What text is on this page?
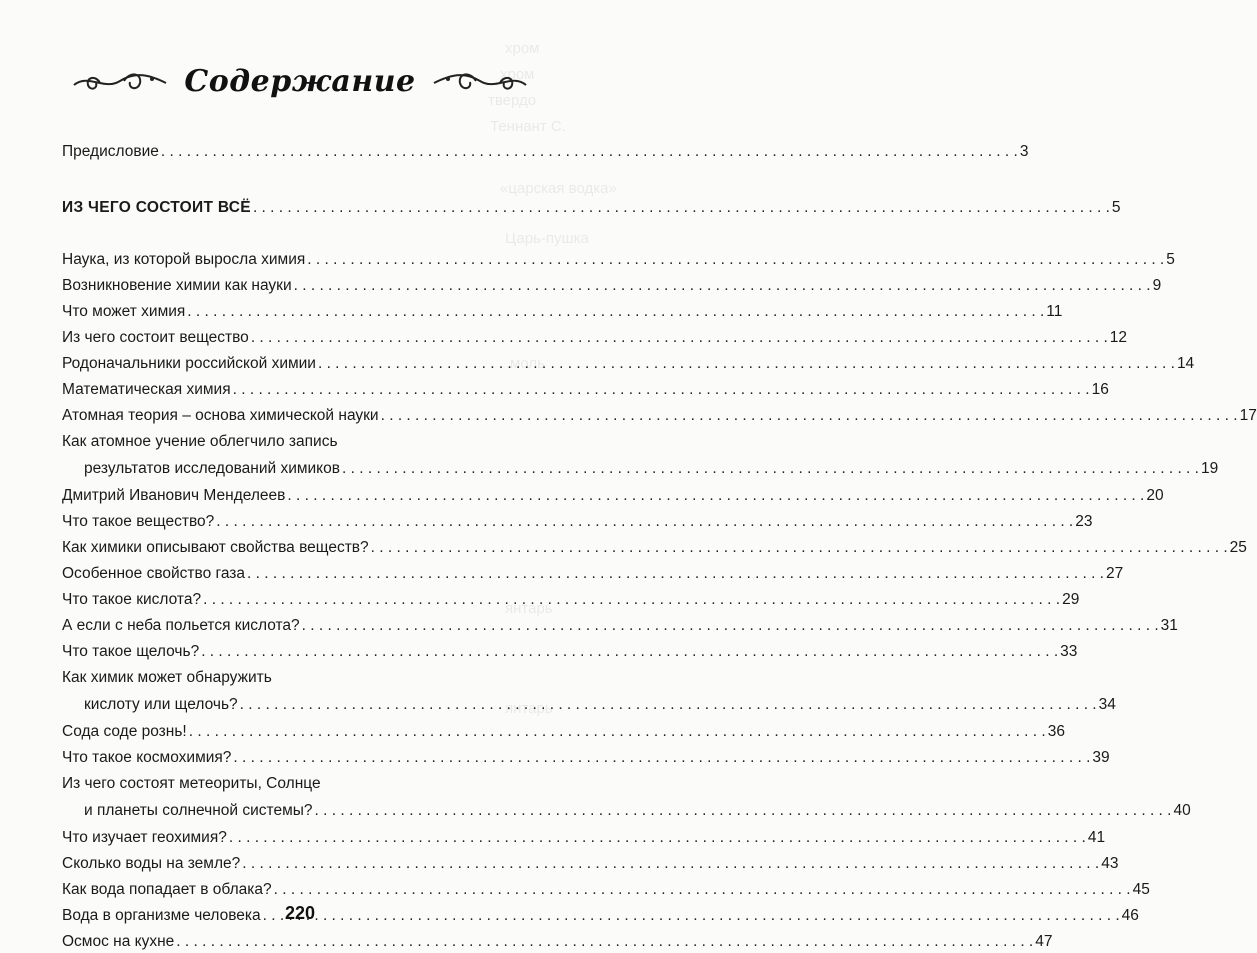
хром
хром
твердо
Теннант С.
«царская водка»
Царь-пушка
моль
янтарь
янтарь
Содержание
Предисловие . . .	3
ИЗ ЧЕГО СОСТОИТ ВСЁ . . .	5
Наука, из которой выросла химия . . .	5
Возникновение химии как науки . . .	9
Что может химия . . .	11
Из чего состоит вещество . . .	12
Родоначальники российской химии . . .	14
Математическая химия . . .	16
Атомная теория – основа химической науки . . .	17
Как атомное учение облегчило запись
результатов исследований химиков . . .	19
Дмитрий Иванович Менделеев . . .	20
Что такое вещество? . . .	23
Как химики описывают свойства веществ? . . .	25
Особенное свойство газа . . .	27
Что такое кислота? . . .	29
А если с неба польется кислота? . . .	31
Что такое щелочь? . . .	33
Как химик может обнаружить
кислоту или щелочь? . . .	34
Сода соде рознь! . . .	36
Что такое космохимия? . . .	39
Из чего состоят метеориты, Солнце
и планеты солнечной системы? . . .	40
Что изучает геохимия? . . .	41
Сколько воды на земле? . . .	43
Как вода попадает в облака? . . .	45
Вода в организме человека . . .	46
Осмос на кухне . . .	47
220
